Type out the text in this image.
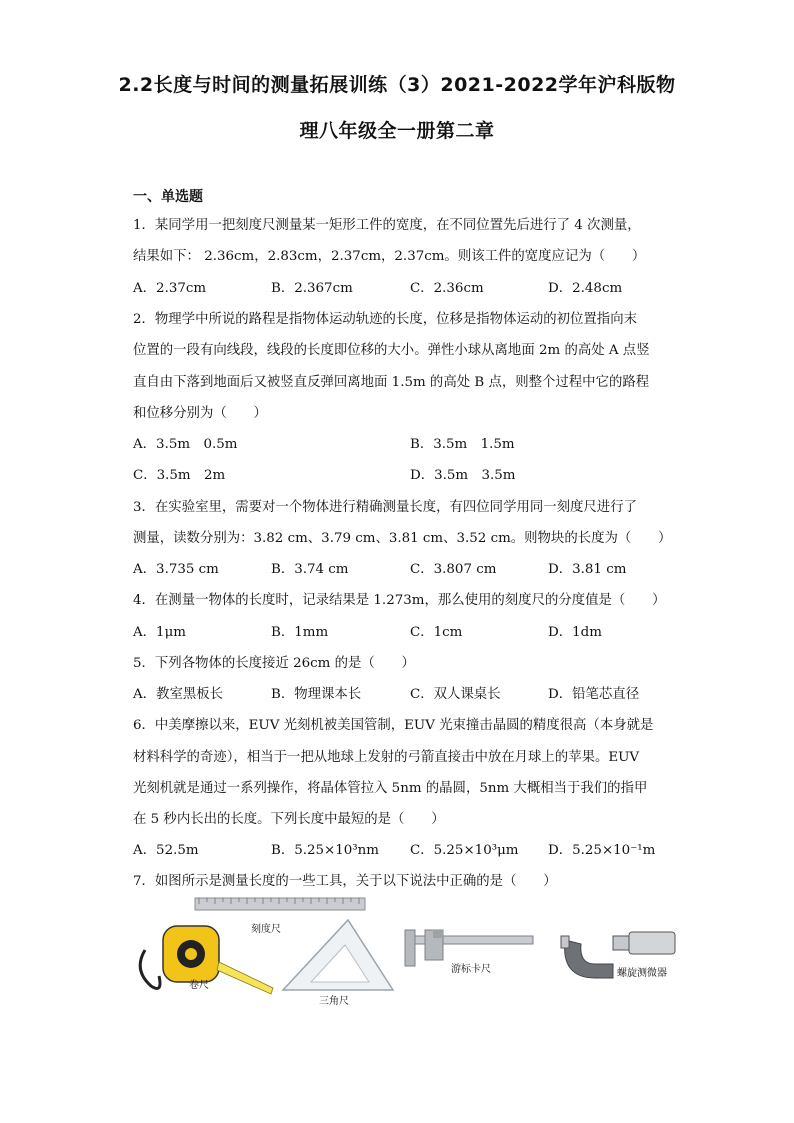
2.2长度与时间的测量拓展训练（3）2021-2022学年沪科版物
理八年级全一册第二章
一、单选题
1．某同学用一把刻度尺测量某一矩形工件的宽度，在不同位置先后进行了 4 次测量，
结果如下： 2.36cm，2.83cm，2.37cm，2.37cm。则该工件的宽度应记为（　　）
A．2.37cm	B．2.367cm	C．2.36cm	D．2.48cm
2．物理学中所说的路程是指物体运动轨迹的长度，位移是指物体运动的初位置指向末
位置的一段有向线段，线段的长度即位移的大小。弹性小球从离地面 2m 的高处 A 点竖
直自由下落到地面后又被竖直反弹回离地面 1.5m 的高处 B 点，则整个过程中它的路程
和位移分别为（　　）
A．3.5m　0.5m	B．3.5m　1.5m
C．3.5m　2m	D．3.5m　3.5m
3．在实验室里，需要对一个物体进行精确测量长度，有四位同学用同一刻度尺进行了
测量，读数分别为：3.82 cm、3.79 cm、3.81 cm、3.52 cm。则物块的长度为（　　）
A．3.735 cm	B．3.74 cm	C．3.807 cm	D．3.81 cm
4．在测量一物体的长度时，记录结果是 1.273m，那么使用的刻度尺的分度值是（　　）
A．1μm	B．1mm	C．1cm	D．1dm
5．下列各物体的长度接近 26cm 的是（　　）
A．教室黑板长	B．物理课本长	C．双人课桌长	D．铅笔芯直径
6．中美摩擦以来，EUV 光刻机被美国管制，EUV 光束撞击晶圆的精度很高（本身就是
材料科学的奇迹），相当于一把从地球上发射的弓箭直接击中放在月球上的苹果。EUV
光刻机就是通过一系列操作，将晶体管拉入 5nm 的晶圆，5nm 大概相当于我们的指甲
在 5 秒内长出的长度。下列长度中最短的是（　　）
A．52.5m	B．5.25×10³nm C．5.25×10³μm D．5.25×10⁻¹m
7．如图所示是测量长度的一些工具，关于以下说法中正确的是（　　）
刻度尺
卷尺
三角尺
游标卡尺	螺旋测微器
